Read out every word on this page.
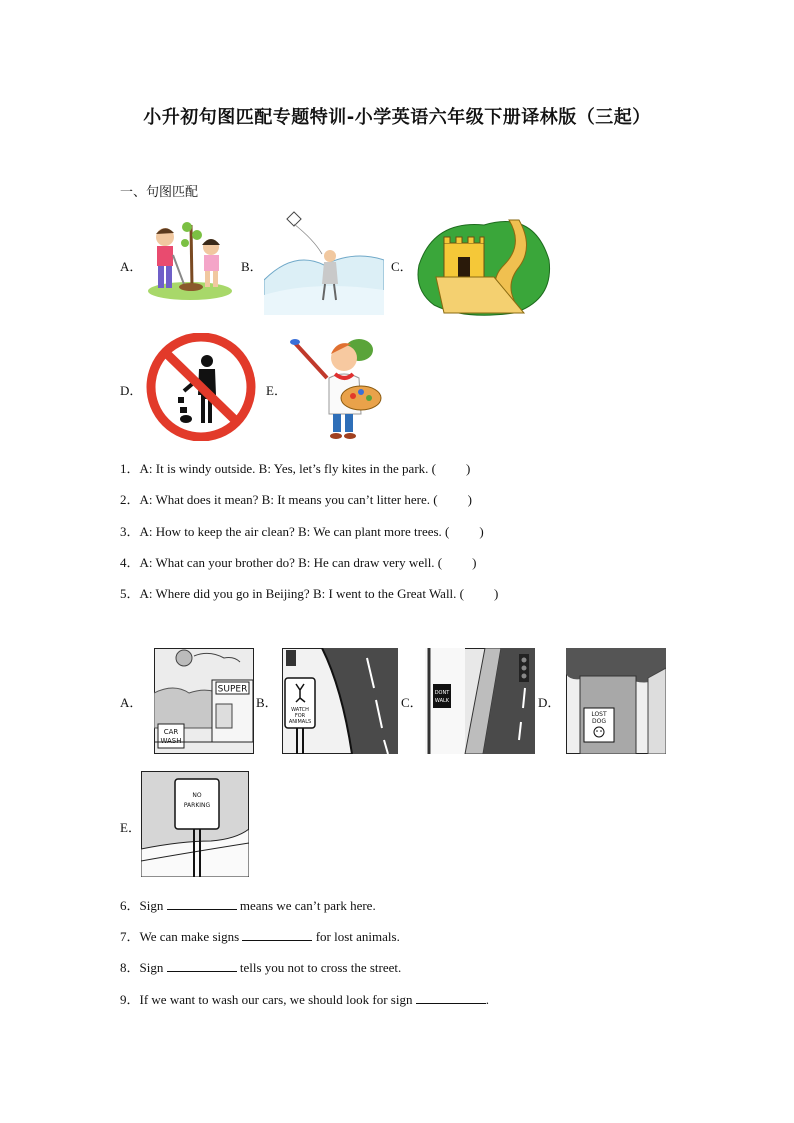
小升初句图匹配专题特训-小学英语六年级下册译林版（三起）
一、句图匹配
A．	B．	C．
D．	E．
1．A: It is windy outside. B: Yes, let’s fly kites in the park. ( )
2．A: What does it mean? B: It means you can’t litter here. ( )
3．A: How to keep the air clean? B: We can plant more trees. ( )
4．A: What can your brother do? B: He can draw very well. ( )
5．A: Where did you go in Beijing? B: I went to the Great Wall. ( )
A．
SUPER
CAR
WASH
B．	WATCH
FOR
ANIMALS
C．
DONT
WALK	D．
LOST
DOG
E．
NO
PARKING
6．Sign	means we can’t park here.
7．We can make signs	for lost animals.
8．Sign	tells you not to cross the street.
9．If we want to wash our cars, we should look for sign	.
